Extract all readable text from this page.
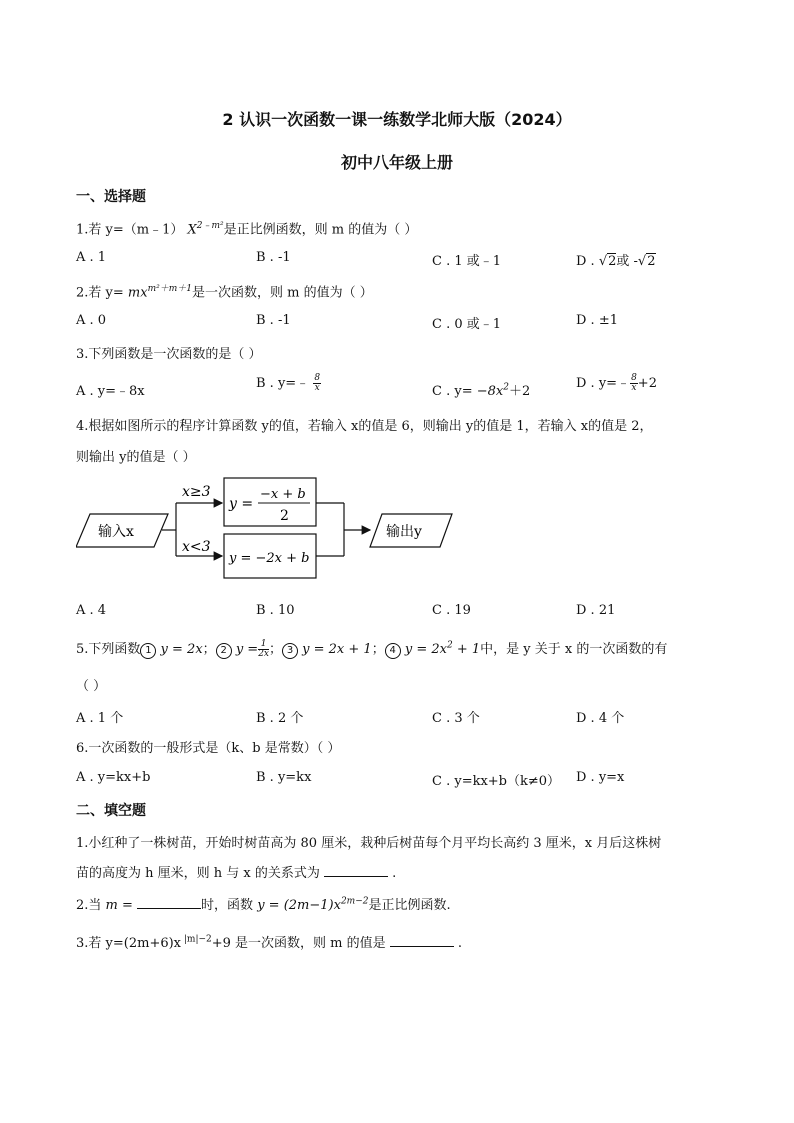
2 认识一次函数一课一练数学北师大版（2024）
初中八年级上册
一、选择题
1.若 y=（m﹣1） $X^{2﹣m^2}$是正比例函数，则 m 的值为（ ）
A . 1	B . -1	C . 1 或﹣1	D . √2或 -√2
2.若 $y= mx^{m^2+m+1}$是一次函数，则 m 的值为（ ）
A . 0	B . -1	C . 0 或﹣1	D . ±1
3.下列函数是一次函数的是（ ）
A . y=﹣8x
B . y=﹣ $\frac{8}{x}$	C . $y= -8x^2+2$
D . y=﹣ $\frac{8}{x} +2$
4.根据如图所示的程序计算函数 y的值，若输入 x的值是 6，则输出 y的值是 1，若输入 x的值是 2，
则输出 y的值是（ ）
输入x
x≥3
x<3
y =
−x + b
2
y = −2x + b
输出y
A . 4	B . 10	C . 19	D . 21
5.下列函数 1 y = 2x； 2 $y = \frac{1}{2x}$ ； 3 y = 2x + 1； 4 $y = 2x^2 + 1$中，是 y 关于 x 的一次函数的有
（ ）
A . 1 个	B . 2 个	C . 3 个	D . 4 个
6.一次函数的一般形式是（k、b 是常数）（ ）
A . y=kx+b	B . y=kx	C . y=kx+b（k≠0） D . y=x
二、填空题
1.小红种了一株树苗，开始时树苗高为 80 厘米，栽种后树苗每个月平均长高约 3 厘米，x 月后这株树
苗的高度为 h 厘米，则 h 与 x 的关系式为	.
2.当 m =	时，函数 $y = (2m-1)x^{2m-2}$是正比例函数.
3.若 y=(2m+6)x $^{|m|-2}$+9 是一次函数，则 m 的值是	.
